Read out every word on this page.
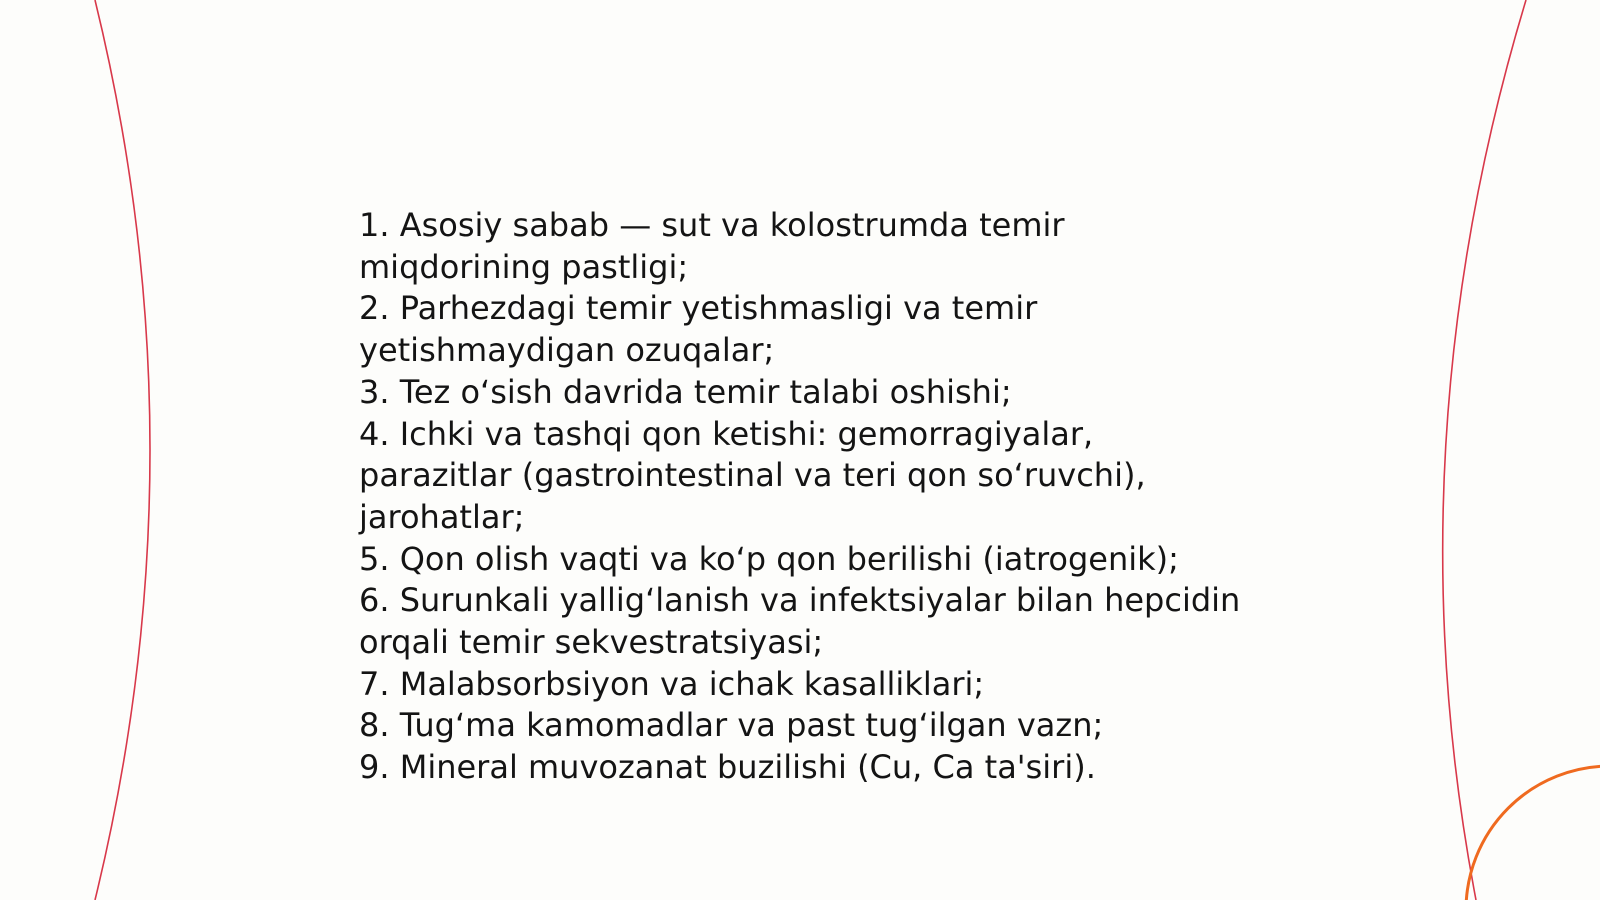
1. Asosiy sabab — sut va kolostrumda temir
miqdorining pastligi;
2. Parhezdagi temir yetishmasligi va temir
yetishmaydigan ozuqalar;
3. Tez o‘sish davrida temir talabi oshishi;
4. Ichki va tashqi qon ketishi: gemorragiyalar,
parazitlar (gastrointestinal va teri qon so‘ruvchi),
jarohatlar;
5. Qon olish vaqti va ko‘p qon berilishi (iatrogenik);
6. Surunkali yallig‘lanish va infektsiyalar bilan hepcidin
orqali temir sekvestratsiyasi;
7. Malabsorbsiyon va ichak kasalliklari;
8. Tug‘ma kamomadlar va past tug‘ilgan vazn;
9. Mineral muvozanat buzilishi (Cu, Ca ta'siri).
